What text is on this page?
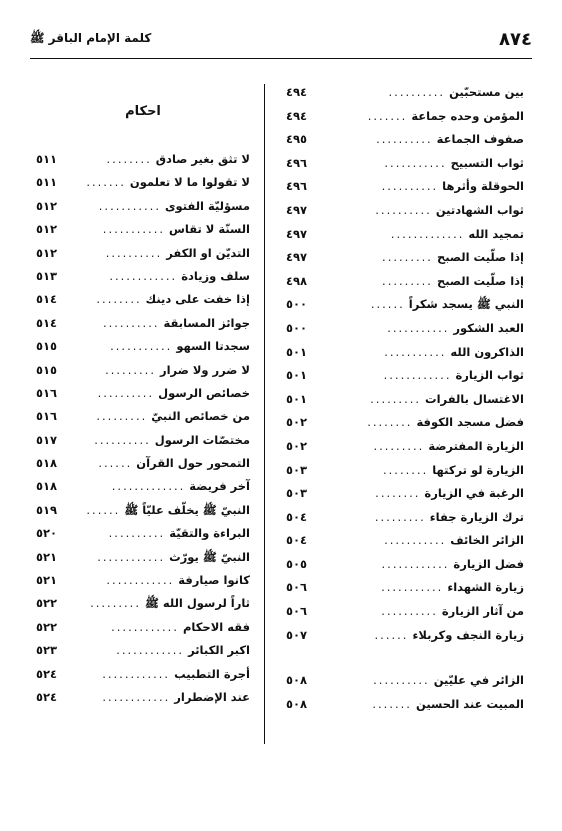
٨٧٤
كلمة الإمام الباقر ﷺ
بين مستحبّين
..........
٤٩٤
المؤمن وحده جماعة
.......
٤٩٤
صفوف الجماعة
..........
٤٩٥
ثواب التسبيح
...........
٤٩٦
الحوقلة وأثرها
..........
٤٩٦
ثواب الشهادتين
..........
٤٩٧
تمجيد الله
.............
٤٩٧
إذا صلّيت الصبح
.........
٤٩٧
إذا صلّيت الصبح
.........
٤٩٨
النبي ﷺ يسجد شكراً
......
٥٠٠
العبد الشكور
...........
٥٠٠
الذاكرون الله
...........
٥٠١
ثواب الزيارة
............
٥٠١
الاغتسال بالفرات
.........
٥٠١
فضل مسجد الكوفة
........
٥٠٢
الزيارة المفترضة
.........
٥٠٢
الزيارة لو تركتها
........
٥٠٣
الرغبة في الزيارة
........
٥٠٣
ترك الزيارة جفاء
.........
٥٠٤
الزائر الخائف
...........
٥٠٤
فضل الزيارة
............
٥٠٥
زيارة الشهداء
...........
٥٠٦
من آثار الزيارة
..........
٥٠٦
زيارة النجف وكربلاء
......
٥٠٧
الزائر في عليّين
..........
٥٠٨
المبيت عند الحسين
.......
٥٠٨
احكام
لا تثق بغير صادق
........
٥١١
لا تقولوا ما لا تعلمون
.......
٥١١
مسؤليّة الفتوى
...........
٥١٢
السنّة لا تقاس
...........
٥١٢
التديّن او الكفر
..........
٥١٢
سلف وزيادة
............
٥١٣
إذا خفت على دينك
........
٥١٤
جوائز المسابقة
..........
٥١٤
سجدتا السهو
...........
٥١٥
لا ضرر ولا ضرار
.........
٥١٥
خصائص الرسول
..........
٥١٦
من خصائص النبيّ
.........
٥١٦
مختصّات الرسول
..........
٥١٧
التمحور حول القرآن
......
٥١٨
آخر فريضة
.............
٥١٨
النبيّ ﷺ يخلّف عليّاً ﷺ
......
٥١٩
البراءة والتقيّة
..........
٥٢٠
النبيّ ﷺ يورّث
............
٥٢١
كانوا صيارفة
............
٥٢١
ثاراً لرسول الله ﷺ
.........
٥٢٢
فقه الاحكام
............
٥٢٢
اكبر الكبائر
............
٥٢٣
أجرة التطبيب
............
٥٢٤
عند الإضطرار
............
٥٢٤
